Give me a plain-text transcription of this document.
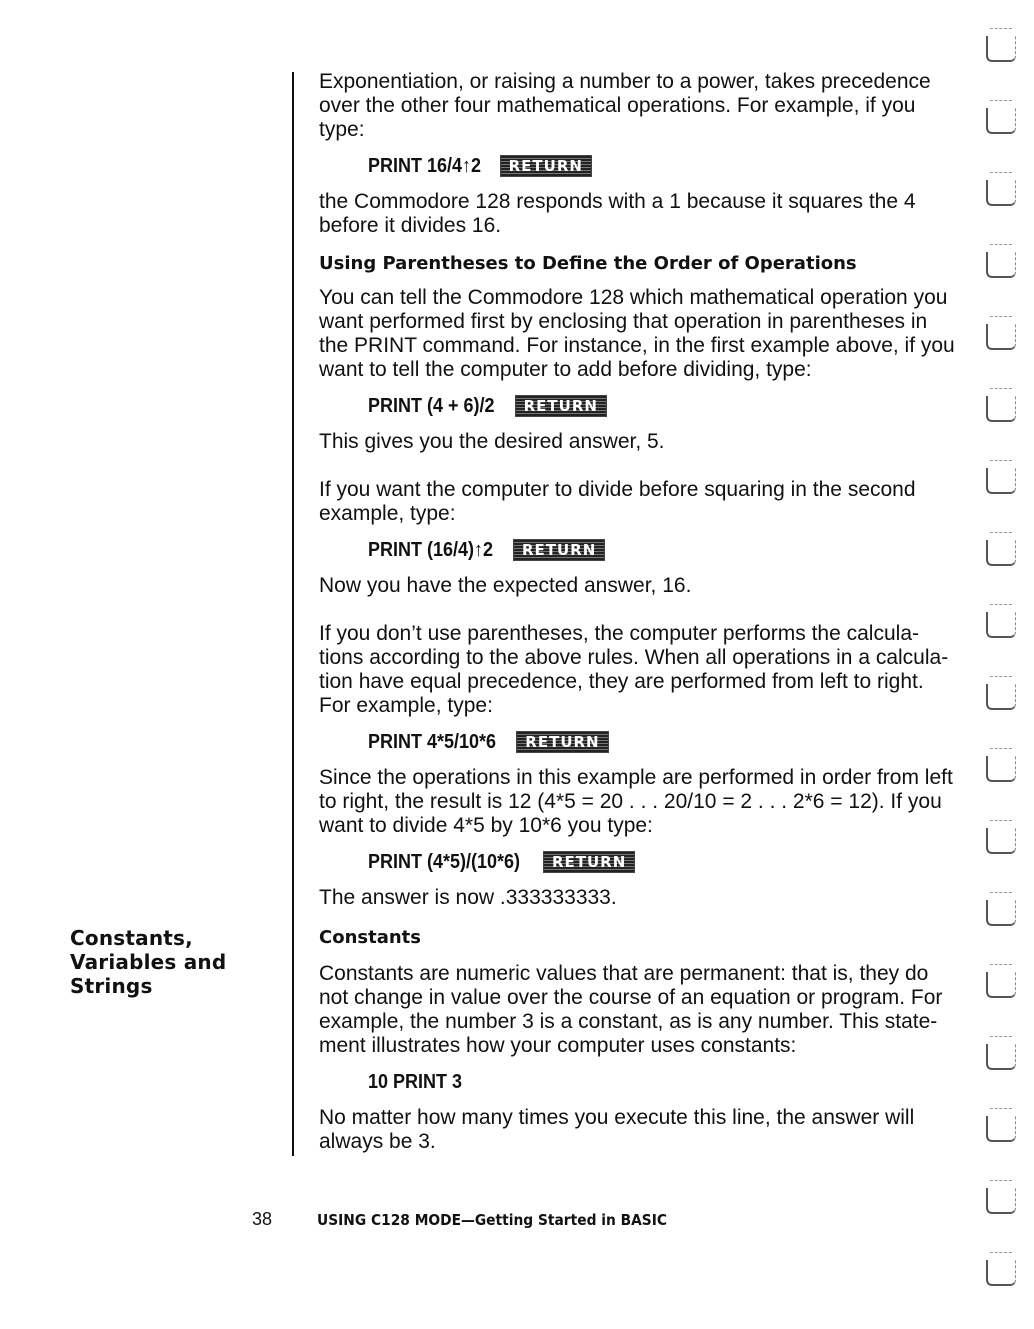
Constants,
Variables and
Strings

Exponentiation, or raising a number to a power, takes precedence
over the other four mathematical operations. For example, if you
type:

PRINT 16/4↑2	RETURN

the Commodore 128 responds with a 1 because it squares the 4
before it divides 16.

Using Parentheses to Define the Order of Operations

You can tell the Commodore 128 which mathematical operation you
want performed first by enclosing that operation in parentheses in
the PRINT command. For instance, in the first example above, if you
want to tell the computer to add before dividing, type:

PRINT (4 + 6)/2	RETURN

This gives you the desired answer, 5.

If you want the computer to divide before squaring in the second
example, type:

PRINT (16/4)↑2	RETURN

Now you have the expected answer, 16.

If you don’t use parentheses, the computer performs the calcula-
tions according to the above rules. When all operations in a calcula-
tion have equal precedence, they are performed from left to right.
For example, type:

PRINT 4*5/10*6	RETURN

Since the operations in this example are performed in order from left
to right, the result is 12 (4*5 = 20 . . . 20/10 = 2 . . . 2*6 = 12). If you
want to divide 4*5 by 10*6 you type:

PRINT (4*5)/(10*6)	RETURN

The answer is now .333333333.

Constants

Constants are numeric values that are permanent: that is, they do
not change in value over the course of an equation or program. For
example, the number 3 is a constant, as is any number. This state-
ment illustrates how your computer uses constants:

10 PRINT 3

No matter how many times you execute this line, the answer will
always be 3.

38	USING C128 MODE—Getting Started in BASIC
